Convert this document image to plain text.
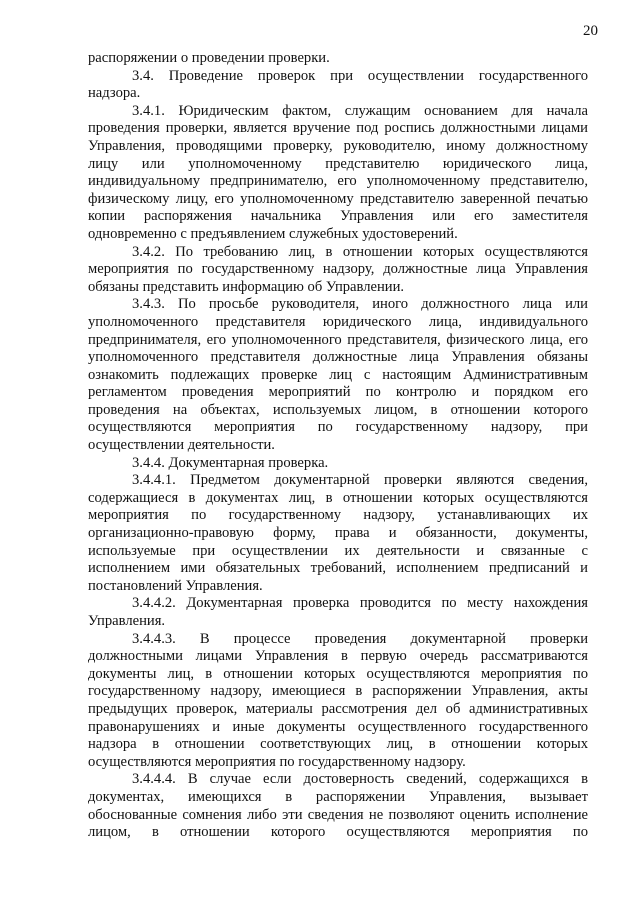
20
распоряжении о проведении проверки.
3.4. Проведение проверок при осуществлении государственного
надзора.
3.4.1. Юридическим фактом, служащим основанием для начала
проведения проверки, является вручение под роспись должностными лицами
Управления, проводящими проверку, руководителю, иному должностному
лицу или уполномоченному представителю юридического лица,
индивидуальному предпринимателю, его уполномоченному представителю,
физическому лицу, его уполномоченному представителю заверенной печатью
копии распоряжения начальника Управления или его заместителя
одновременно с предъявлением служебных удостоверений.
3.4.2. По требованию лиц, в отношении которых осуществляются
мероприятия по государственному надзору, должностные лица Управления
обязаны представить информацию об Управлении.
3.4.3. По просьбе руководителя, иного должностного лица или
уполномоченного представителя юридического лица, индивидуального
предпринимателя, его уполномоченного представителя, физического лица, его
уполномоченного представителя должностные лица Управления обязаны
ознакомить подлежащих проверке лиц с настоящим Административным
регламентом проведения мероприятий по контролю и порядком его
проведения на объектах, используемых лицом, в отношении которого
осуществляются мероприятия по государственному надзору, при
осуществлении деятельности.
3.4.4. Документарная проверка.
3.4.4.1. Предметом документарной проверки являются сведения,
содержащиеся в документах лиц, в отношении которых осуществляются
мероприятия по государственному надзору, устанавливающих их
организационно-правовую форму, права и обязанности, документы,
используемые при осуществлении их деятельности и связанные с
исполнением ими обязательных требований, исполнением предписаний и
постановлений Управления.
3.4.4.2. Документарная проверка проводится по месту нахождения
Управления.
3.4.4.3. В процессе проведения документарной проверки
должностными лицами Управления в первую очередь рассматриваются
документы лиц, в отношении которых осуществляются мероприятия по
государственному надзору, имеющиеся в распоряжении Управления, акты
предыдущих проверок, материалы рассмотрения дел об административных
правонарушениях и иные документы осуществленного государственного
надзора в отношении соответствующих лиц, в отношении которых
осуществляются мероприятия по государственному надзору.
3.4.4.4. В случае если достоверность сведений, содержащихся в
документах, имеющихся в распоряжении Управления, вызывает
обоснованные сомнения либо эти сведения не позволяют оценить исполнение
лицом, в отношении которого осуществляются мероприятия по
